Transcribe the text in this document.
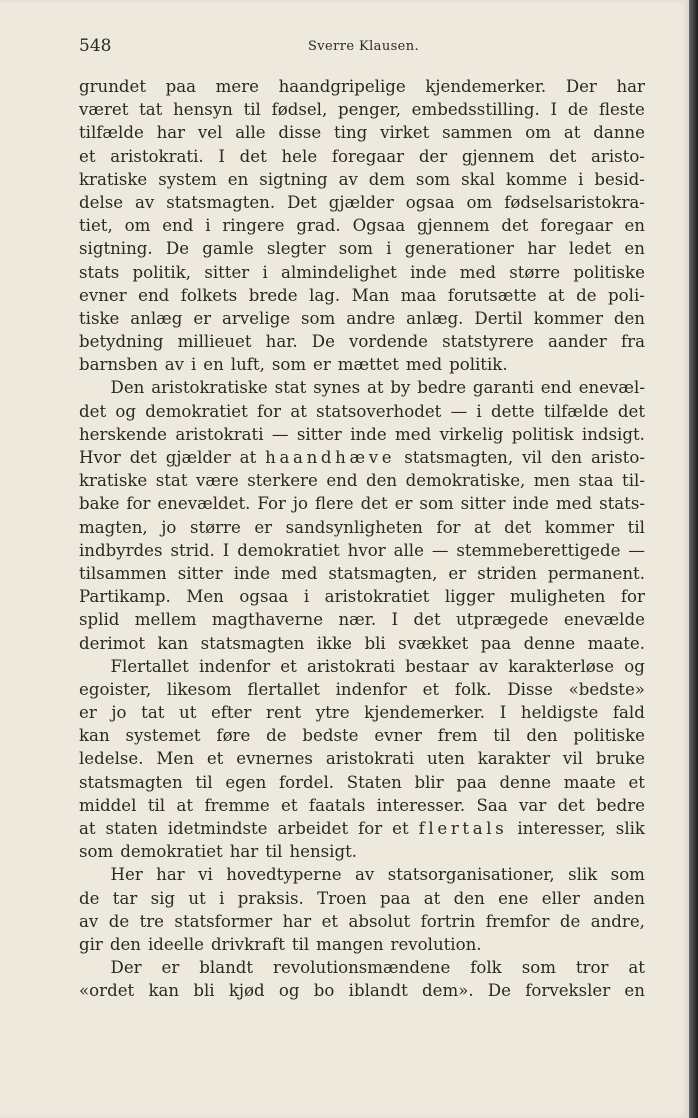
548	Sverre Klausen.
grundet paa mere haandgripelige kjendemerker. Der har
været tat hensyn til fødsel, penger, embedsstilling. I de fleste
tilfælde har vel alle disse ting virket sammen om at danne
et aristokrati. I det hele foregaar der gjennem det aristo-
kratiske system en sigtning av dem som skal komme i besid-
delse av statsmagten. Det gjælder ogsaa om fødselsaristokra-
tiet, om end i ringere grad. Ogsaa gjennem det foregaar en
sigtning. De gamle slegter som i generationer har ledet en
stats politik, sitter i almindelighet inde med større politiske
evner end folkets brede lag. Man maa forutsætte at de poli-
tiske anlæg er arvelige som andre anlæg. Dertil kommer den
betydning millieuet har. De vordende statstyrere aander fra
barnsben av i en luft, som er mættet med politik.
Den aristokratiske stat synes at by bedre garanti end enevæl-
det og demokratiet for at statsoverhodet — i dette tilfælde det
herskende aristokrati — sitter inde med virkelig politisk indsigt.
Hvor det gjælder at haandhæve statsmagten, vil den aristo-
kratiske stat være sterkere end den demokratiske, men staa til-
bake for enevældet. For jo flere det er som sitter inde med stats-
magten, jo større er sandsynligheten for at det kommer til
indbyrdes strid. I demokratiet hvor alle — stemmeberettigede —
tilsammen sitter inde med statsmagten, er striden permanent.
Partikamp. Men ogsaa i aristokratiet ligger muligheten for
splid mellem magthaverne nær. I det utprægede enevælde
derimot kan statsmagten ikke bli svækket paa denne maate.
Flertallet indenfor et aristokrati bestaar av karakterløse og
egoister, likesom flertallet indenfor et folk. Disse «bedste»
er jo tat ut efter rent ytre kjendemerker. I heldigste fald
kan systemet føre de bedste evner frem til den politiske
ledelse. Men et evnernes aristokrati uten karakter vil bruke
statsmagten til egen fordel. Staten blir paa denne maate et
middel til at fremme et faatals interesser. Saa var det bedre
at staten idetmindste arbeidet for et flertals interesser, slik
som demokratiet har til hensigt.
Her har vi hovedtyperne av statsorganisationer, slik som
de tar sig ut i praksis. Troen paa at den ene eller anden
av de tre statsformer har et absolut fortrin fremfor de andre,
gir den ideelle drivkraft til mangen revolution.
Der er blandt revolutionsmændene folk som tror at
«ordet kan bli kjød og bo iblandt dem». De forveksler en
